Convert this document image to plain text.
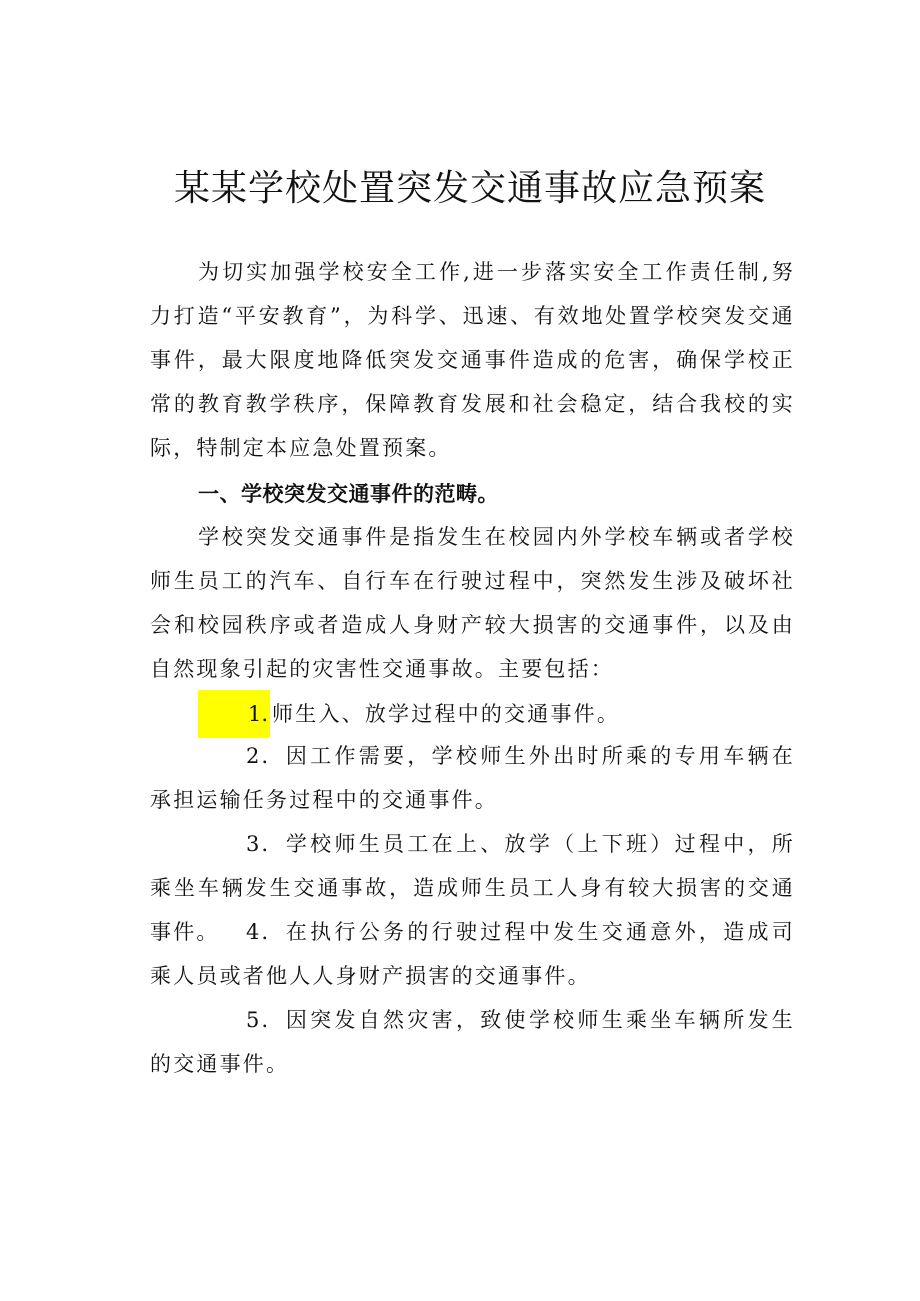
某某学校处置突发交通事故应急预案

为切实加强学校安全工作,进一步落实安全工作责任制,努力打造“平安教育”，为科学、迅速、有效地处置学校突发交通事件，最大限度地降低突发交通事件造成的危害，确保学校正常的教育教学秩序，保障教育发展和社会稳定，结合我校的实际，特制定本应急处置预案。

一、学校突发交通事件的范畴。

学校突发交通事件是指发生在校园内外学校车辆或者学校师生员工的汽车、自行车在行驶过程中，突然发生涉及破坏社会和校园秩序或者造成人身财产较大损害的交通事件，以及由自然现象引起的灾害性交通事故。主要包括：

1. 师生入、放学过程中的交通事件。

2．因工作需要，学校师生外出时所乘的专用车辆在承担运输任务过程中的交通事件。

3．学校师生员工在上、放学（上下班）过程中，所乘坐车辆发生交通事故，造成师生员工人身有较大损害的交通事件。	4．在执行公务的行驶过程中发生交通意外，造成司乘人员或者他人人身财产损害的交通事件。

5．因突发自然灾害，致使学校师生乘坐车辆所发生的交通事件。
